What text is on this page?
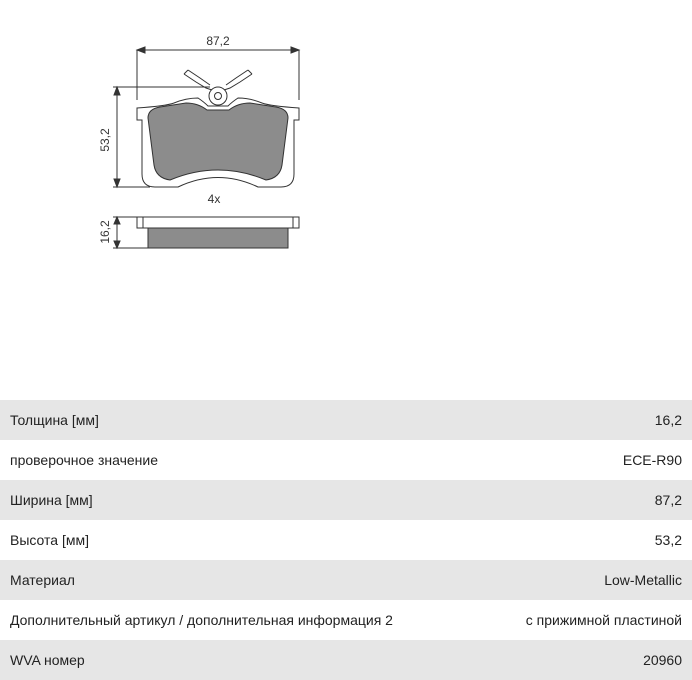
87,2
53,2
16,2
4x
Толщина [мм]	16,2
проверочное значение	ECE-R90
Ширина [мм]	87,2
Высота [мм]	53,2
Материал	Low-Metallic
Дополнительный артикул / дополнительная информация 2	с прижимной пластиной
WVA номер	20960
